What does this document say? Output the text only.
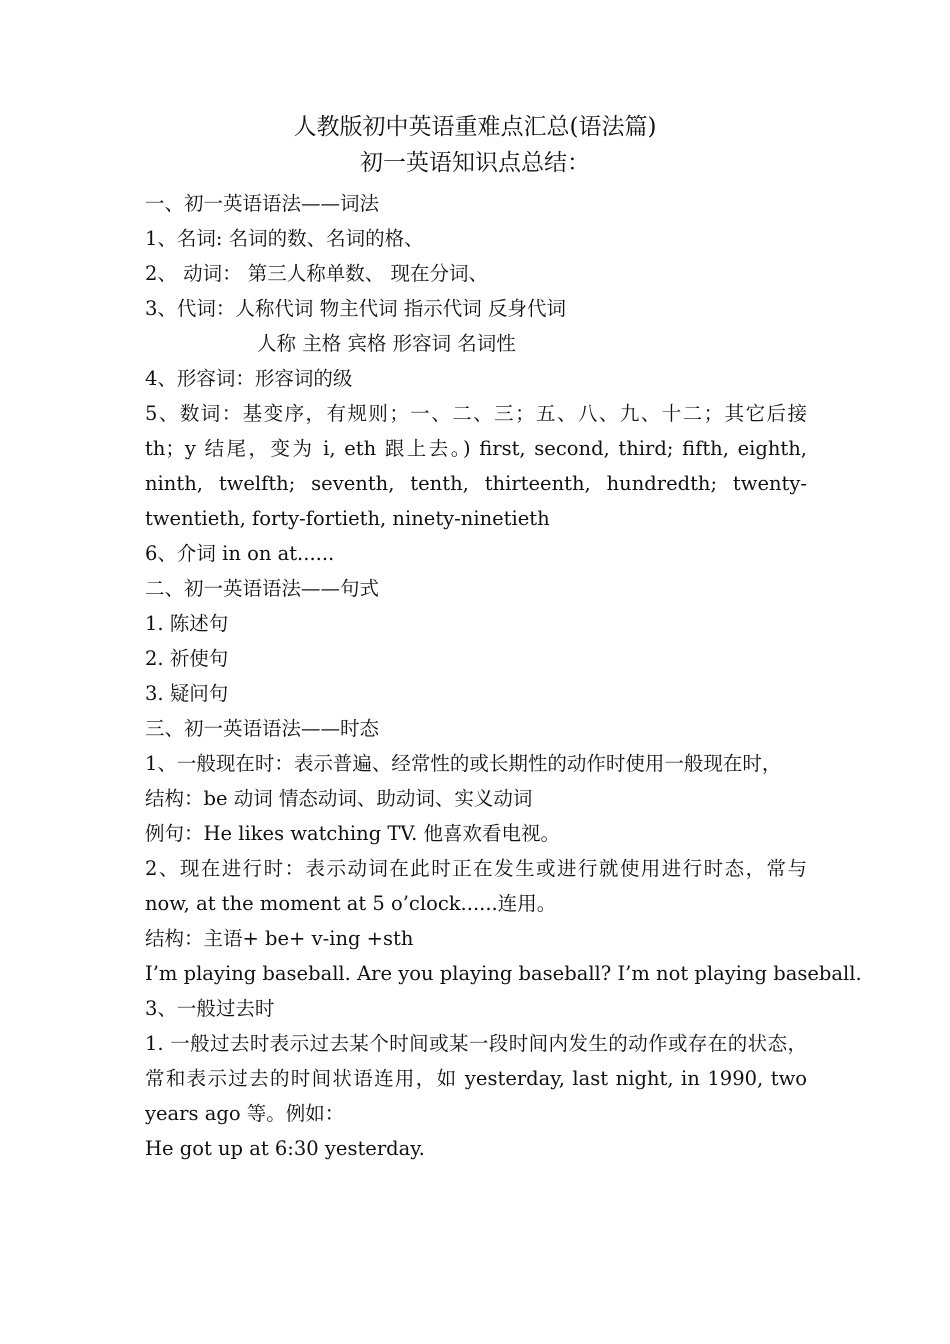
人教版初中英语重难点汇总(语法篇)
初一英语知识点总结：
一、初一英语语法——词法
1、名词: 名词的数、名词的格、
2、 动词： 第三人称单数、 现在分词、
3、代词：人称代词 物主代词 指示代词 反身代词
人称 主格 宾格 形容词 名词性
4、形容词：形容词的级
5、数词：基变序，有规则；一、二、三；五、八、九、十二；其它后接 th；y 结尾，变为 i, eth 跟上去。) first, second, third; fifth, eighth, ninth, twelfth; seventh, tenth, thirteenth, hundredth; twenty-twentieth, forty-fortieth, ninety-ninetieth
6、介词 in on at......
二、初一英语语法——句式
1. 陈述句
2. 祈使句
3. 疑问句
三、初一英语语法——时态
1、一般现在时：表示普遍、经常性的或长期性的动作时使用一般现在时，
结构：be 动词 情态动词、助动词、实义动词
例句：He likes watching TV. 他喜欢看电视。
2、现在进行时：表示动词在此时正在发生或进行就使用进行时态，常与 now, at the moment at 5 o’clock......连用。
结构：主语+ be+ v-ing +sth
I’m playing baseball. Are you playing baseball? I’m not playing baseball.
3、一般过去时
1. 一般过去时表示过去某个时间或某一段时间内发生的动作或存在的状态，常和表示过去的时间状语连用，如 yesterday, last night, in 1990, two years ago 等。例如：
He got up at 6:30 yesterday.
